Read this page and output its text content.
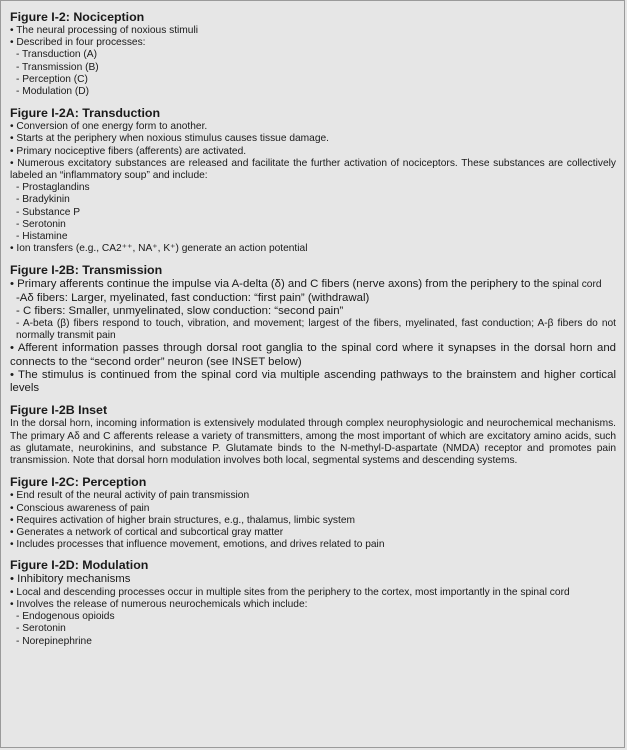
Figure I-2: Nociception
• The neural processing of noxious stimuli
• Described in four processes:
- Transduction (A)
- Transmission (B)
- Perception (C)
- Modulation (D)
Figure I-2A: Transduction
• Conversion of one energy form to another.
• Starts at the periphery when noxious stimulus causes tissue damage.
• Primary nociceptive fibers (afferents) are activated.
• Numerous excitatory substances are released and facilitate the further activation of nociceptors. These substances are collectively labeled an “inflammatory soup” and include:
- Prostaglandins
- Bradykinin
- Substance P
- Serotonin
- Histamine
• Ion transfers (e.g., CA2⁺⁺, NA⁺, K⁺) generate an action potential
Figure I-2B: Transmission
• Primary afferents continue the impulse via A-delta (δ) and C fibers (nerve axons) from the periphery to the spinal cord
-Aδ fibers: Larger, myelinated, fast conduction: “first pain” (withdrawal)
- C fibers: Smaller, unmyelinated, slow conduction: “second pain”
- A-beta (β) fibers respond to touch, vibration, and movement; largest of the fibers, myelinated, fast conduction; A-β fibers do not normally transmit pain
• Afferent information passes through dorsal root ganglia to the spinal cord where it synapses in the dorsal horn and connects to the “second order” neuron (see INSET below)
• The stimulus is continued from the spinal cord via multiple ascending pathways to the brainstem and higher cortical levels
Figure I-2B Inset

In the dorsal horn, incoming information is extensively modulated through complex neurophysiologic and neurochemical mechanisms. The primary Aδ and C afferents release a variety of transmitters, among the most important of which are excitatory amino acids, such as glutamate, neurokinins, and substance P. Glutamate binds to the N-methyl-D-aspartate (NMDA) receptor and promotes pain transmission. Note that dorsal horn modulation involves both local, segmental systems and descending systems.

Figure I-2C: Perception
• End result of the neural activity of pain transmission
• Conscious awareness of pain
• Requires activation of higher brain structures, e.g., thalamus, limbic system
• Generates a network of cortical and subcortical gray matter
• Includes processes that influence movement, emotions, and drives related to pain
Figure I-2D: Modulation
• Inhibitory mechanisms
• Local and descending processes occur in multiple sites from the periphery to the cortex, most importantly in the spinal cord
• Involves the release of numerous neurochemicals which include:
- Endogenous opioids
- Serotonin
- Norepinephrine
